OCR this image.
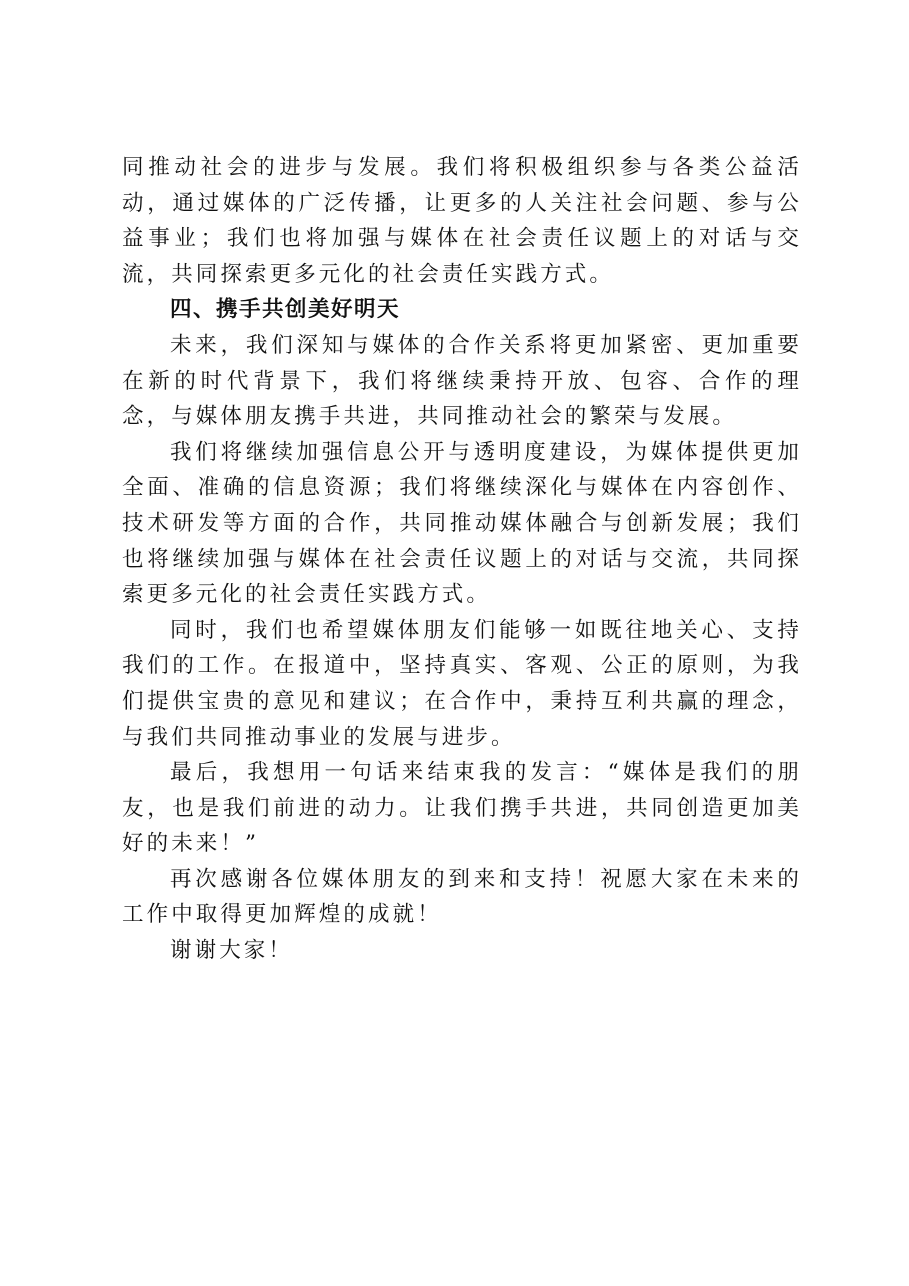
同推动社会的进步与发展。我们将积极组织参与各类公益活动，通过媒体的广泛传播，让更多的人关注社会问题、参与公益事业；我们也将加强与媒体在社会责任议题上的对话与交流，共同探索更多元化的社会责任实践方式。

四、携手共创美好明天

未来，我们深知与媒体的合作关系将更加紧密、更加重要在新的时代背景下，我们将继续秉持开放、包容、合作的理念，与媒体朋友携手共进，共同推动社会的繁荣与发展。

我们将继续加强信息公开与透明度建设，为媒体提供更加全面、准确的信息资源；我们将继续深化与媒体在内容创作、技术研发等方面的合作，共同推动媒体融合与创新发展；我们也将继续加强与媒体在社会责任议题上的对话与交流，共同探索更多元化的社会责任实践方式。

同时，我们也希望媒体朋友们能够一如既往地关心、支持我们的工作。在报道中，坚持真实、客观、公正的原则，为我们提供宝贵的意见和建议；在合作中，秉持互利共赢的理念，与我们共同推动事业的发展与进步。

最后，我想用一句话来结束我的发言：“媒体是我们的朋友，也是我们前进的动力。让我们携手共进，共同创造更加美好的未来！”

再次感谢各位媒体朋友的到来和支持！祝愿大家在未来的工作中取得更加辉煌的成就！

谢谢大家！
